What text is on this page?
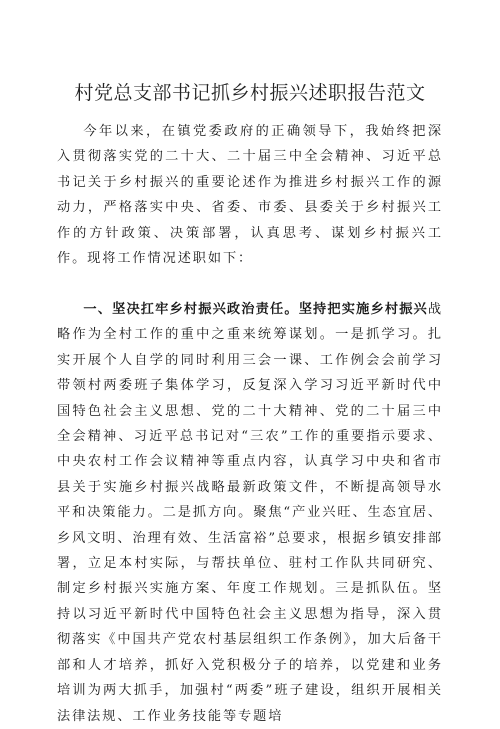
村党总支部书记抓乡村振兴述职报告范文

今年以来，在镇党委政府的正确领导下，我始终把深入贯彻落实党的二十大、二十届三中全会精神、习近平总书记关于乡村振兴的重要论述作为推进乡村振兴工作的源动力，严格落实中央、省委、市委、县委关于乡村振兴工作的方针政策、决策部署，认真思考、谋划乡村振兴工作。现将工作情况述职如下：

一、坚决扛牢乡村振兴政治责任。坚持把实施乡村振兴战略作为全村工作的重中之重来统筹谋划。一是抓学习。扎实开展个人自学的同时利用三会一课、工作例会会前学习带领村两委班子集体学习，反复深入学习习近平新时代中国特色社会主义思想、党的二十大精神、党的二十届三中全会精神、习近平总书记对“三农”工作的重要指示要求、中央农村工作会议精神等重点内容，认真学习中央和省市县关于实施乡村振兴战略最新政策文件，不断提高领导水平和决策能力。二是抓方向。聚焦“产业兴旺、生态宜居、乡风文明、治理有效、生活富裕”总要求，根据乡镇安排部署，立足本村实际，与帮扶单位、驻村工作队共同研究、制定乡村振兴实施方案、年度工作规划。三是抓队伍。坚持以习近平新时代中国特色社会主义思想为指导，深入贯彻落实《中国共产党农村基层组织工作条例》，加大后备干部和人才培养，抓好入党积极分子的培养，以党建和业务培训为两大抓手，加强村“两委”班子建设，组织开展相关法律法规、工作业务技能等专题培
